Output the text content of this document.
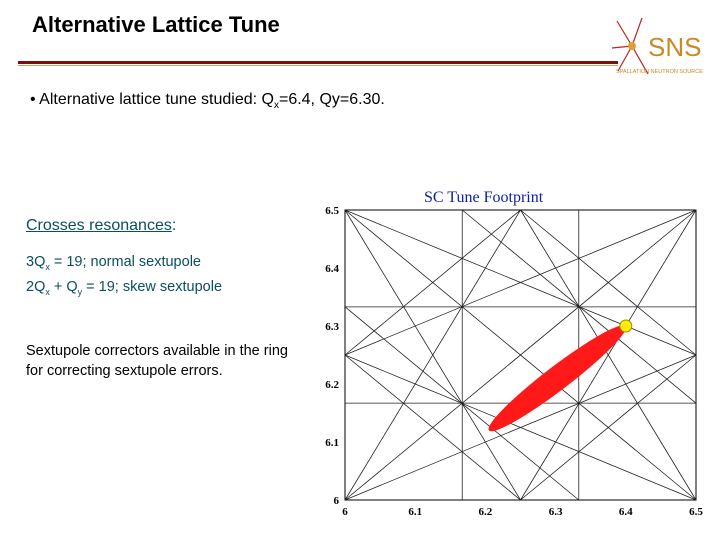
Alternative Lattice Tune
SNS
SPALLATION NEUTRON SOURCE
• Alternative lattice tune studied: $Q_x=6.4$, Qy=6.30.
Crosses resonances:
$3Q_x = 19$; normal sextupole
$2Q_x + Q_y = 19$; skew sextupole
Sextupole correctors available in the ring for correcting sextupole errors.
SC Tune Footprint
6	6.1	6.2	6.3	6.4	6.5
6
6.1
6.2
6.3
6.4
6.5
